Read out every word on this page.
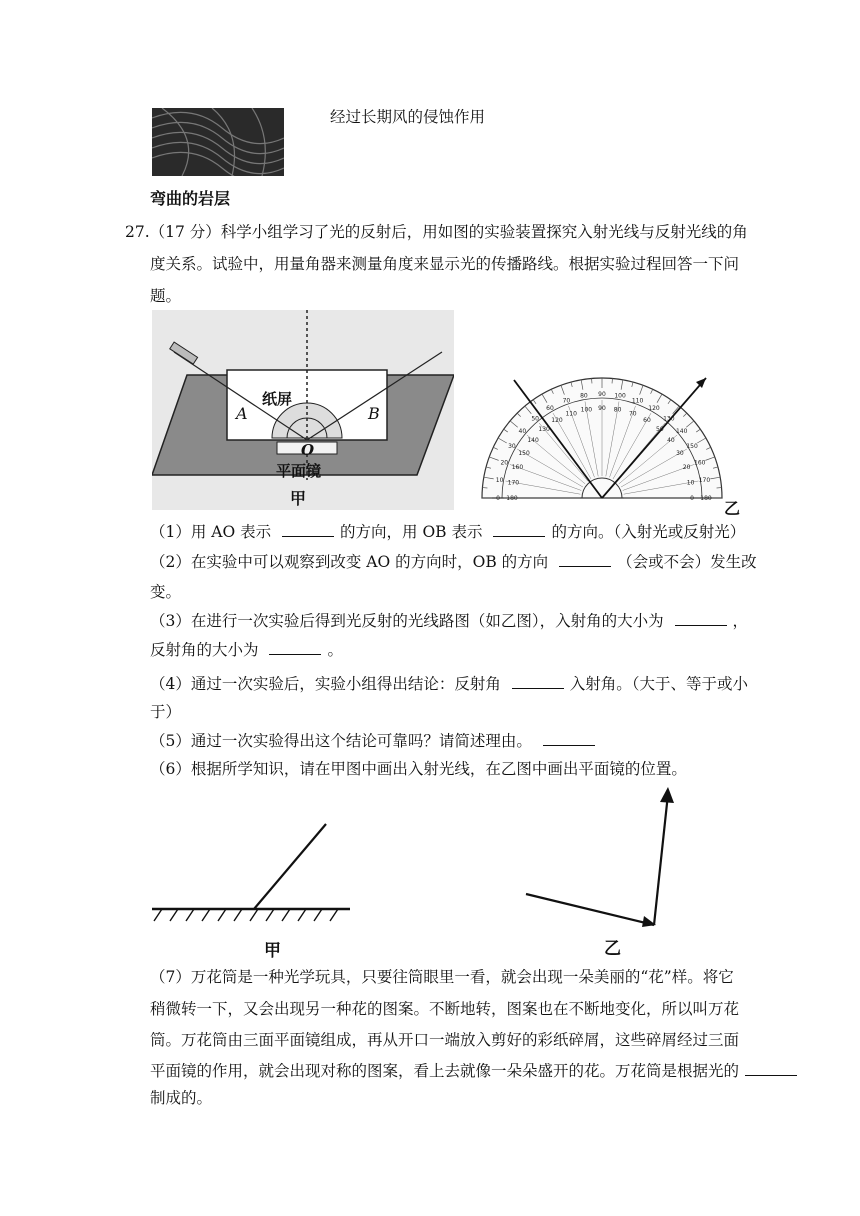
弯曲的岩层
经过长期风的侵蚀作用
27.（17 分）科学小组学习了光的反射后，用如图的实验装置探究入射光线与反射光线的角
度关系。试验中，用量角器来测量角度来显示光的传播路线。根据实验过程回答一下问
题。
纸屏
A	B
O
平面镜
甲	0
10
20
30
40
50
60
70
80 90 100
110
120
130
140
150
160
170
180
180
170
160
150
140
130
120
110
100 90 80
70
60
50
40
30
20
10
0
乙
（1）用 AO 表示	的方向，用 OB 表示	的方向。（入射光或反射光）
（2）在实验中可以观察到改变 AO 的方向时，OB 的方向	（会或不会）发生改
变。
（3）在进行一次实验后得到光反射的光线路图（如乙图），入射角的大小为	，
反射角的大小为	。
（4）通过一次实验后，实验小组得出结论：反射角	入射角。（大于、等于或小
于）
（5）通过一次实验得出这个结论可靠吗？请简述理由。
（6）根据所学知识，请在甲图中画出入射光线，在乙图中画出平面镜的位置。
甲	乙
（7）万花筒是一种光学玩具，只要往筒眼里一看，就会出现一朵美丽的“花”样。将它
稍微转一下，又会出现另一种花的图案。不断地转，图案也在不断地变化，所以叫万花
筒。万花筒由三面平面镜组成，再从开口一端放入剪好的彩纸碎屑，这些碎屑经过三面
平面镜的作用，就会出现对称的图案，看上去就像一朵朵盛开的花。万花筒是根据光的
制成的。
